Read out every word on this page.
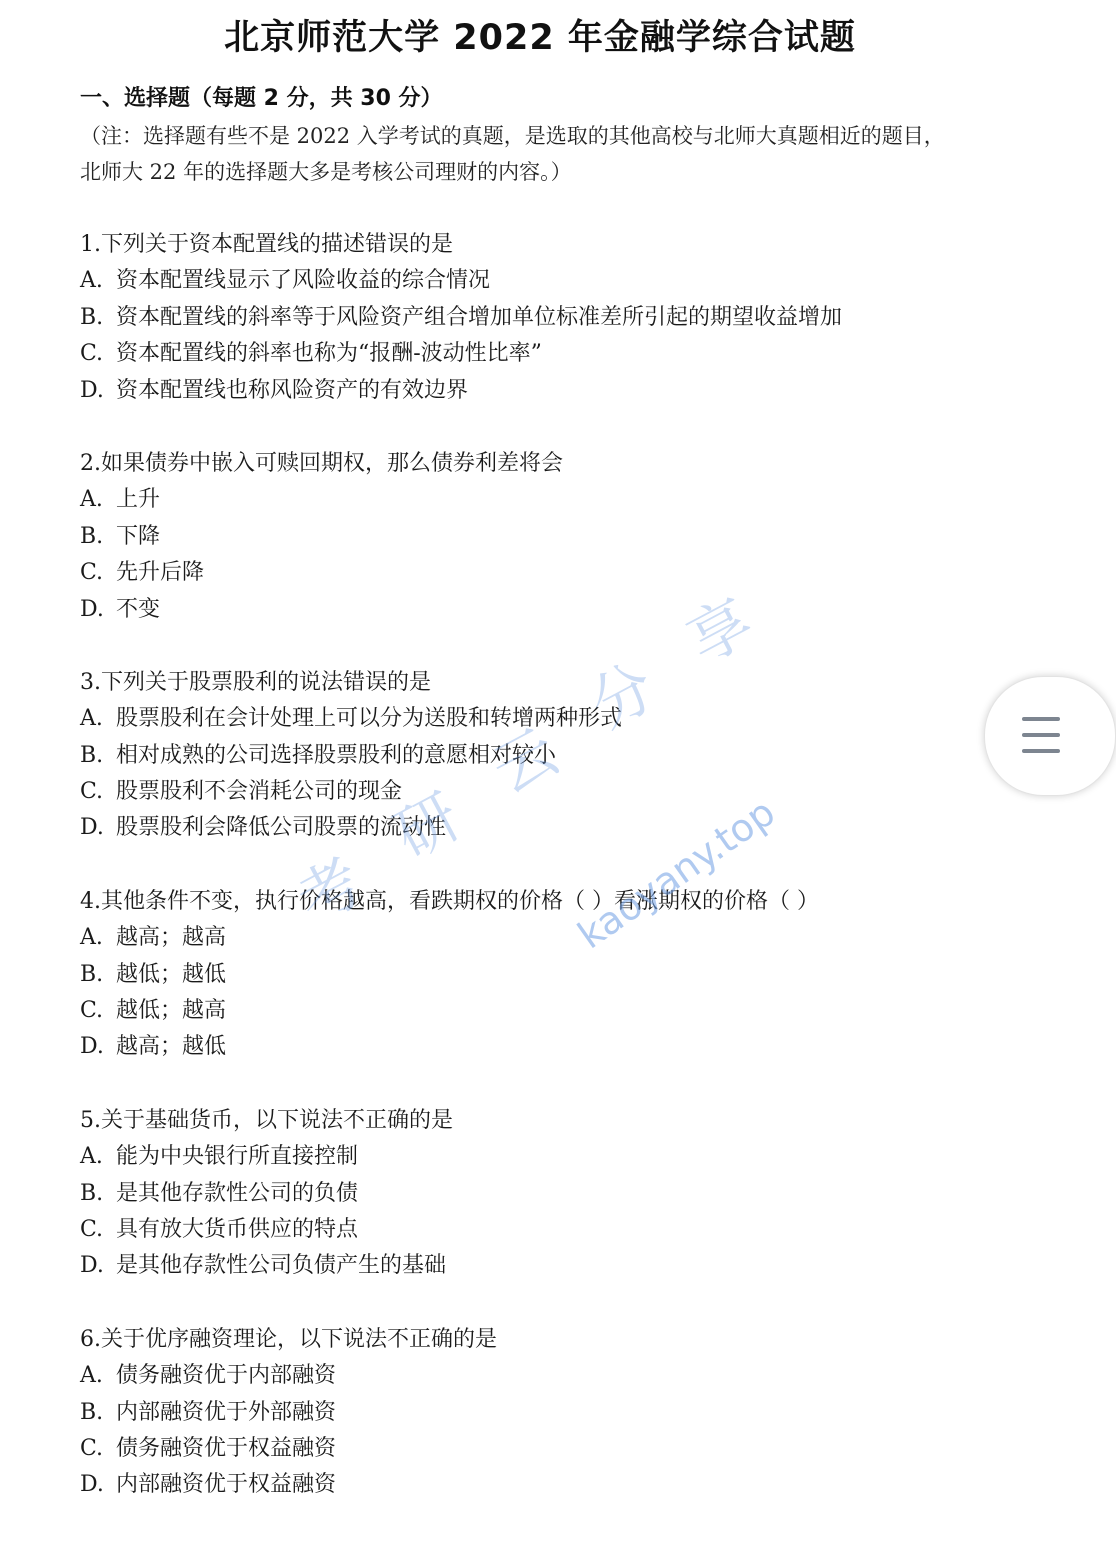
北京师范大学 2022 年金融学综合试题
一、选择题（每题 2 分，共 30 分）
（注：选择题有些不是 2022 入学考试的真题，是选取的其他高校与北师大真题相近的题目，
北师大 22 年的选择题大多是考核公司理财的内容。）
1.下列关于资本配置线的描述错误的是
A. 资本配置线显示了风险收益的综合情况
B. 资本配置线的斜率等于风险资产组合增加单位标准差所引起的期望收益增加
C. 资本配置线的斜率也称为“报酬-波动性比率”
D. 资本配置线也称风险资产的有效边界
2.如果债券中嵌入可赎回期权，那么债券利差将会
A. 上升
B. 下降
C. 先升后降
D. 不变
3.下列关于股票股利的说法错误的是
A. 股票股利在会计处理上可以分为送股和转增两种形式
B. 相对成熟的公司选择股票股利的意愿相对较小
C. 股票股利不会消耗公司的现金
D. 股票股利会降低公司股票的流动性
4.其他条件不变，执行价格越高，看跌期权的价格（ ）看涨期权的价格（ ）
A. 越高；越高
B. 越低；越低
C. 越低；越高
D. 越高；越低
5.关于基础货币，以下说法不正确的是
A. 能为中央银行所直接控制
B. 是其他存款性公司的负债
C. 具有放大货币供应的特点
D. 是其他存款性公司负债产生的基础
6.关于优序融资理论，以下说法不正确的是
A. 债务融资优于内部融资
B. 内部融资优于外部融资
C. 债务融资优于权益融资
D. 内部融资优于权益融资
考
研
云
分
享
kaoyany.top
